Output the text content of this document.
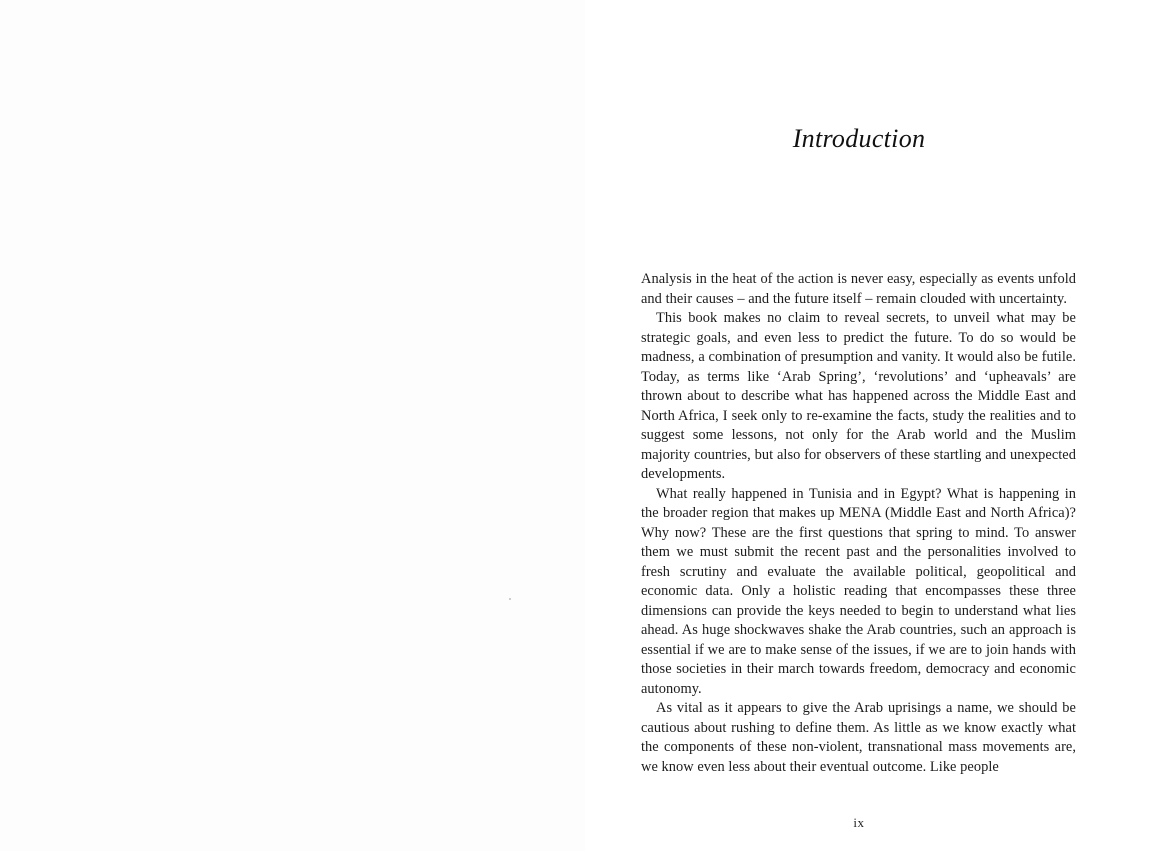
Introduction

Analysis in the heat of the action is never easy, especially as events unfold and their causes – and the future itself – remain clouded with uncertainty.

This book makes no claim to reveal secrets, to unveil what may be strategic goals, and even less to predict the future. To do so would be madness, a combination of presumption and vanity. It would also be futile. Today, as terms like ‘Arab Spring’, ‘revolutions’ and ‘upheavals’ are thrown about to describe what has happened across the Middle East and North Africa, I seek only to re-examine the facts, study the realities and to suggest some lessons, not only for the Arab world and the Muslim majority countries, but also for observers of these startling and unexpected developments.

What really happened in Tunisia and in Egypt? What is happening in the broader region that makes up MENA (Middle East and North Africa)? Why now? These are the first questions that spring to mind. To answer them we must submit the recent past and the personalities involved to fresh scrutiny and evaluate the available political, geopolitical and economic data. Only a holistic reading that encompasses these three dimensions can provide the keys needed to begin to understand what lies ahead. As huge shockwaves shake the Arab countries, such an approach is essential if we are to make sense of the issues, if we are to join hands with those societies in their march towards freedom, democracy and economic autonomy.

As vital as it appears to give the Arab uprisings a name, we should be cautious about rushing to define them. As little as we know exactly what the components of these non-violent, transnational mass movements are, we know even less about their eventual outcome. Like people

ix
